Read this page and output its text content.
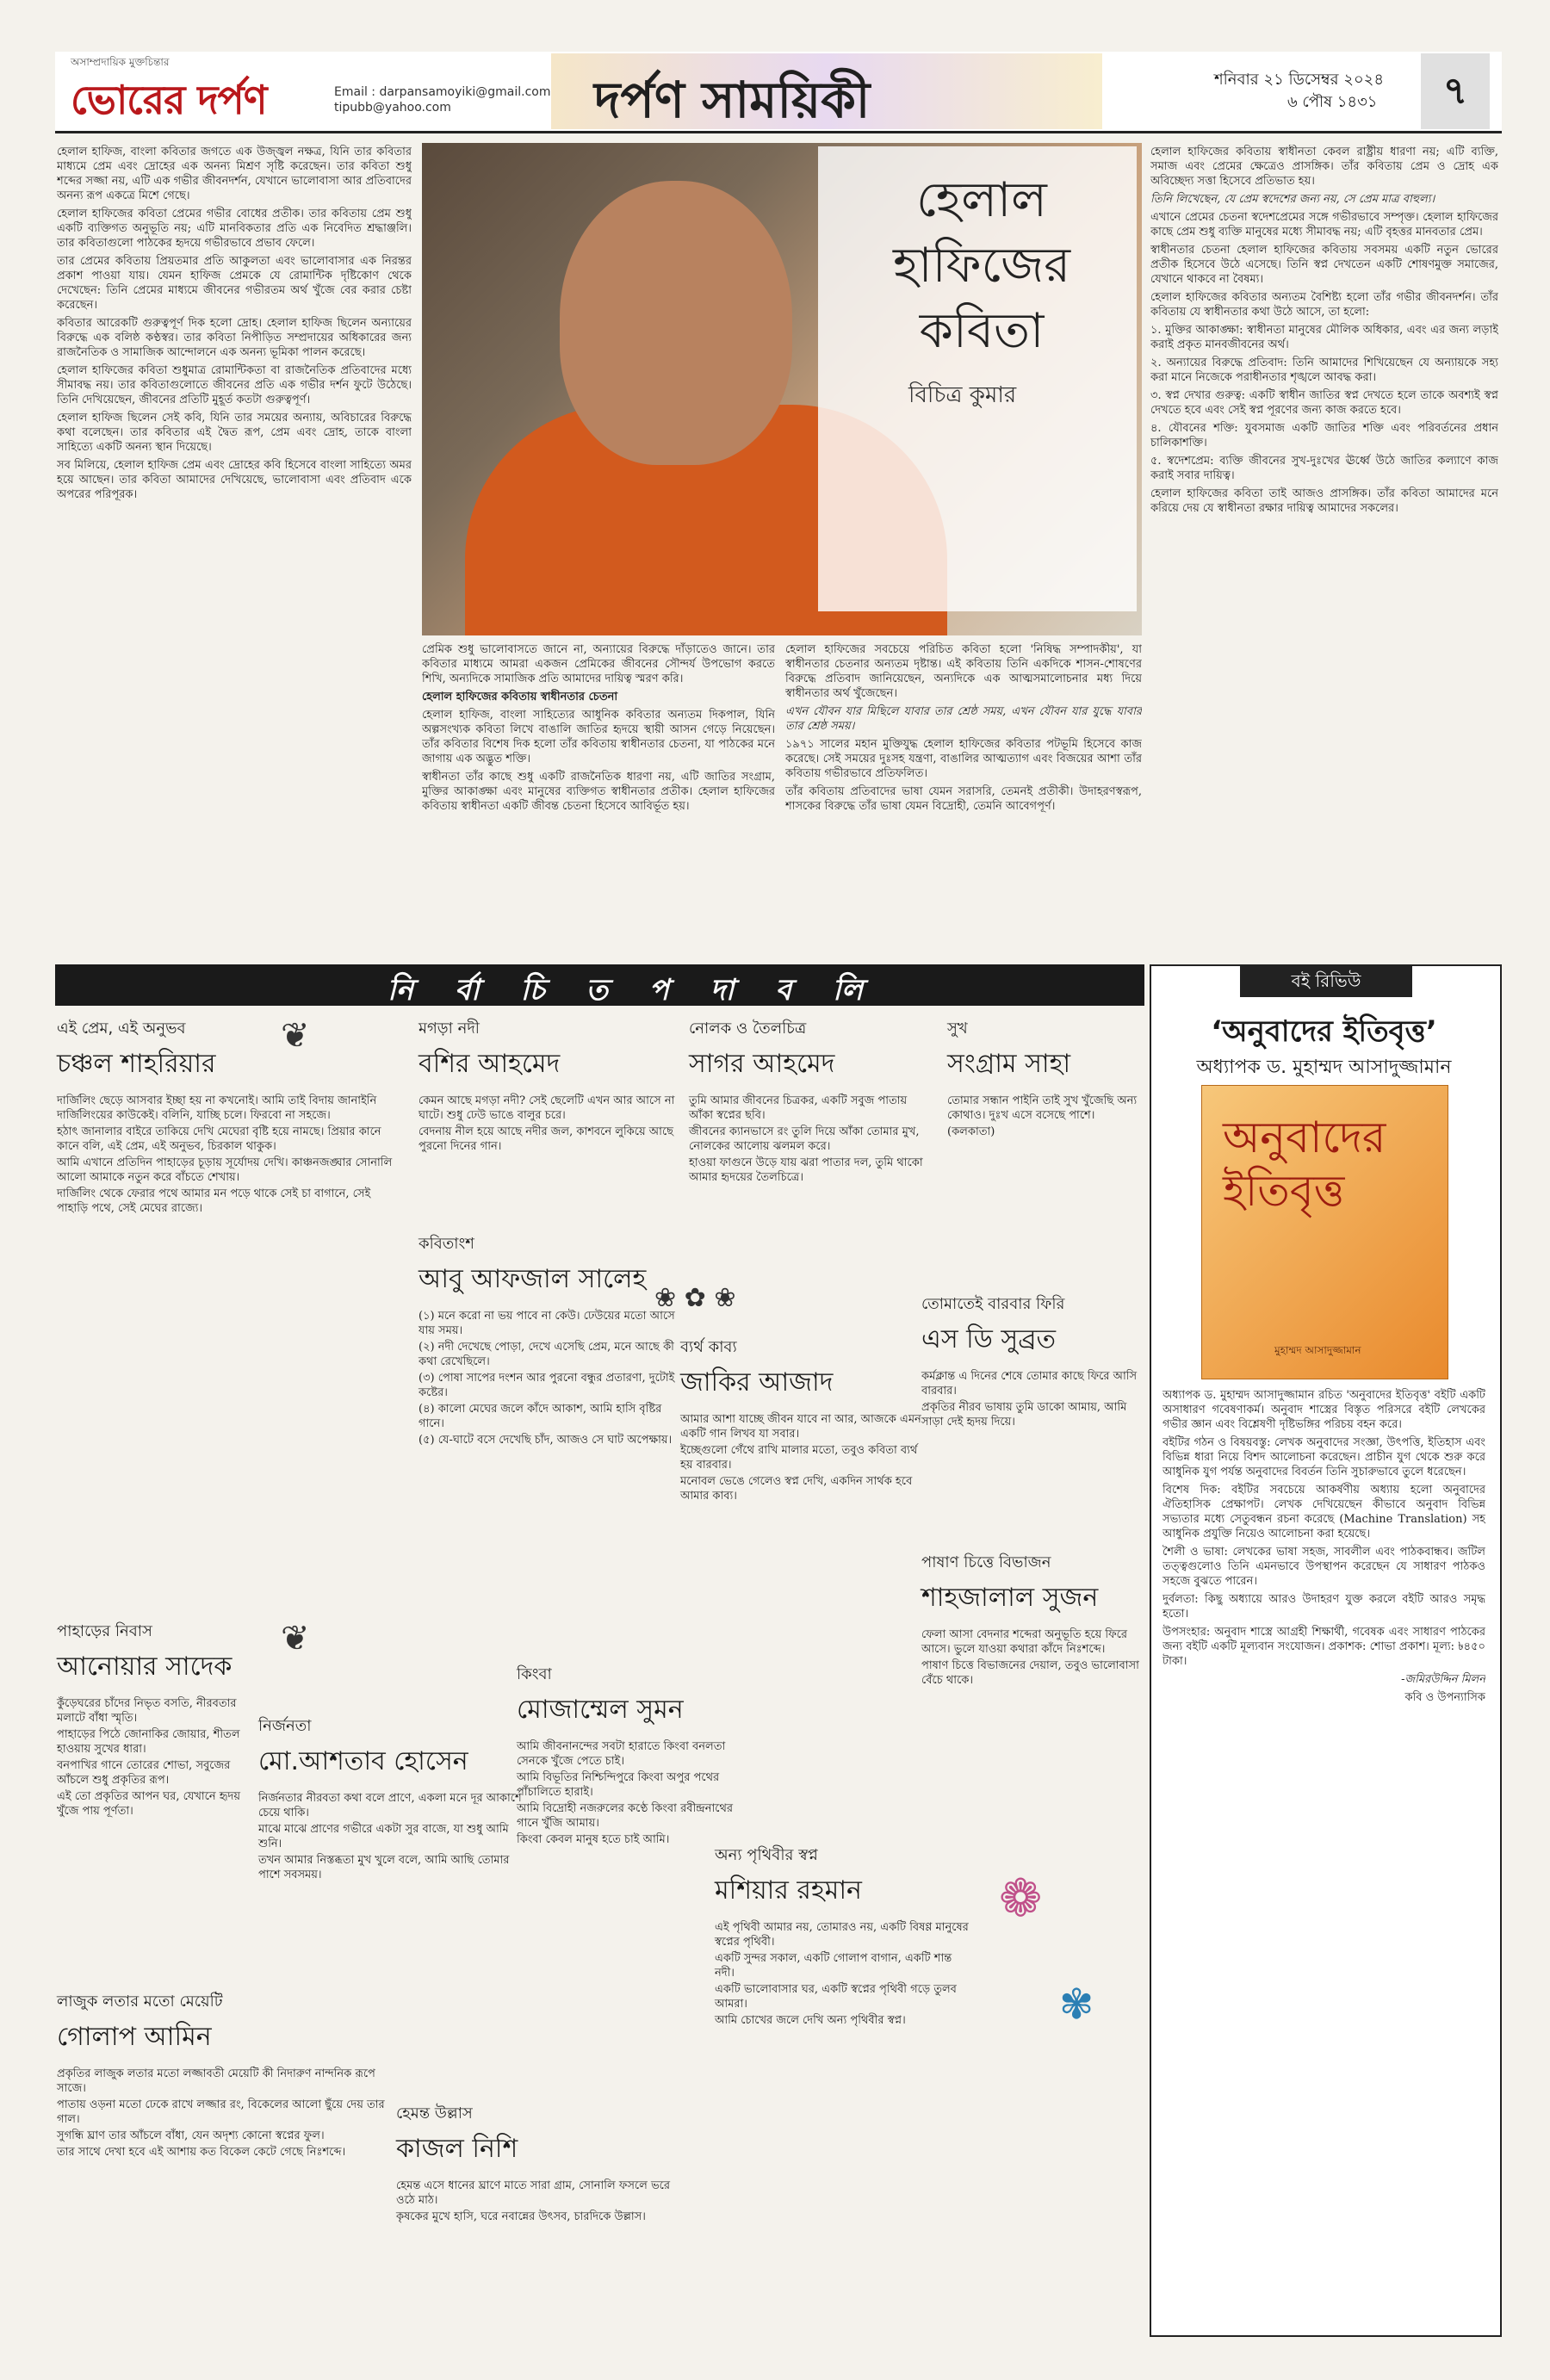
অসাম্প্রদায়িক মুক্তচিন্তার
ভোরের দর্পণ	Email : darpansamoyiki@gmail.com
tipubb@yahoo.com	দর্পণ সাময়িকী	শনিবার ২১ ডিসেম্বর ২০২৪
৬ পৌষ ১৪৩১	৭

হেলাল হাফিজ, বাংলা কবিতার জগতে এক উজ্জ্বল নক্ষত্র, যিনি তার কবিতার মাধ্যমে প্রেম এবং দ্রোহের এক অনন্য মিশ্রণ সৃষ্টি করেছেন। তার কবিতা শুধু শব্দের সজ্জা নয়, এটি এক গভীর জীবনদর্শন, যেখানে ভালোবাসা আর প্রতিবাদের অনন্য রূপ একত্রে মিশে গেছে।

হেলাল হাফিজের কবিতা প্রেমের গভীর বোধের প্রতীক। তার কবিতায় প্রেম শুধু একটি ব্যক্তিগত অনুভূতি নয়; এটি মানবিকতার প্রতি এক নিবেদিত শ্রদ্ধাঞ্জলি। তার কবিতাগুলো পাঠকের হৃদয়ে গভীরভাবে প্রভাব ফেলে।

তার প্রেমের কবিতায় প্রিয়তমার প্রতি আকুলতা এবং ভালোবাসার এক নিরন্তর প্রকাশ পাওয়া যায়। যেমন হাফিজ প্রেমকে যে রোমান্টিক দৃষ্টিকোণ থেকে দেখেছেন: তিনি প্রেমের মাধ্যমে জীবনের গভীরতম অর্থ খুঁজে বের করার চেষ্টা করেছেন।

কবিতার আরেকটি গুরুত্বপূর্ণ দিক হলো দ্রোহ। হেলাল হাফিজ ছিলেন অন্যায়ের বিরুদ্ধে এক বলিষ্ঠ কণ্ঠস্বর। তার কবিতা নিপীড়িত সম্প্রদায়ের অধিকারের জন্য রাজনৈতিক ও সামাজিক আন্দোলনে এক অনন্য ভূমিকা পালন করেছে।

হেলাল হাফিজের কবিতা শুধুমাত্র রোমান্টিকতা বা রাজনৈতিক প্রতিবাদের মধ্যে সীমাবদ্ধ নয়। তার কবিতাগুলোতে জীবনের প্রতি এক গভীর দর্শন ফুটে উঠেছে। তিনি দেখিয়েছেন, জীবনের প্রতিটি মুহূর্ত কতটা গুরুত্বপূর্ণ।

হেলাল হাফিজ ছিলেন সেই কবি, যিনি তার সময়ের অন্যায়, অবিচারের বিরুদ্ধে কথা বলেছেন। তার কবিতার এই দ্বৈত রূপ, প্রেম এবং দ্রোহ, তাকে বাংলা সাহিত্যে একটি অনন্য স্থান দিয়েছে।

সব মিলিয়ে, হেলাল হাফিজ প্রেম এবং দ্রোহের কবি হিসেবে বাংলা সাহিত্যে অমর হয়ে আছেন। তার কবিতা আমাদের দেখিয়েছে, ভালোবাসা এবং প্রতিবাদ একে অপরের পরিপূরক।

হেলাল
হাফিজের
কবিতা
বিচিত্র কুমার

প্রেমিক শুধু ভালোবাসতে জানে না, অন্যায়ের বিরুদ্ধে দাঁড়াতেও জানে। তার কবিতার মাধ্যমে আমরা একজন প্রেমিকের জীবনের সৌন্দর্য উপভোগ করতে শিখি, অন্যদিকে সামাজিক প্রতি আমাদের দায়িত্ব স্মরণ করি।

হেলাল হাফিজের কবিতায় স্বাধীনতার চেতনা

হেলাল হাফিজ, বাংলা সাহিত্যের আধুনিক কবিতার অন্যতম দিকপাল, যিনি অল্পসংখ্যক কবিতা লিখে বাঙালি জাতির হৃদয়ে স্থায়ী আসন গেড়ে নিয়েছেন। তাঁর কবিতার বিশেষ দিক হলো তাঁর কবিতায় স্বাধীনতার চেতনা, যা পাঠকের মনে জাগায় এক অদ্ভুত শক্তি।

স্বাধীনতা তাঁর কাছে শুধু একটি রাজনৈতিক ধারণা নয়, এটি জাতির সংগ্রাম, মুক্তির আকাঙ্ক্ষা এবং মানুষের ব্যক্তিগত স্বাধীনতার প্রতীক। হেলাল হাফিজের কবিতায় স্বাধীনতা একটি জীবন্ত চেতনা হিসেবে আবির্ভূত হয়।

হেলাল হাফিজের সবচেয়ে পরিচিত কবিতা হলো 'নিষিদ্ধ সম্পাদকীয়', যা স্বাধীনতার চেতনার অন্যতম দৃষ্টান্ত। এই কবিতায় তিনি একদিকে শাসন-শোষণের বিরুদ্ধে প্রতিবাদ জানিয়েছেন, অন্যদিকে এক আত্মসমালোচনার মধ্য দিয়ে স্বাধীনতার অর্থ খুঁজেছেন।

এখন যৌবন যার মিছিলে যাবার তার শ্রেষ্ঠ সময়, এখন যৌবন যার যুদ্ধে যাবার তার শ্রেষ্ঠ সময়।

১৯৭১ সালের মহান মুক্তিযুদ্ধ হেলাল হাফিজের কবিতার পটভূমি হিসেবে কাজ করেছে। সেই সময়ের দুঃসহ যন্ত্রণা, বাঙালির আত্মত্যাগ এবং বিজয়ের আশা তাঁর কবিতায় গভীরভাবে প্রতিফলিত।

তাঁর কবিতায় প্রতিবাদের ভাষা যেমন সরাসরি, তেমনই প্রতীকী। উদাহরণস্বরূপ, শাসকের বিরুদ্ধে তাঁর ভাষা যেমন বিদ্রোহী, তেমনি আবেগপূর্ণ।

হেলাল হাফিজের কবিতায় স্বাধীনতা কেবল রাষ্ট্রীয় ধারণা নয়; এটি ব্যক্তি, সমাজ এবং প্রেমের ক্ষেত্রেও প্রাসঙ্গিক। তাঁর কবিতায় প্রেম ও দ্রোহ এক অবিচ্ছেদ্য সত্তা হিসেবে প্রতিভাত হয়।

তিনি লিখেছেন, যে প্রেম স্বদেশের জন্য নয়, সে প্রেম মাত্র বাহুল্য।

এখানে প্রেমের চেতনা স্বদেশপ্রেমের সঙ্গে গভীরভাবে সম্পৃক্ত। হেলাল হাফিজের কাছে প্রেম শুধু ব্যক্তি মানুষের মধ্যে সীমাবদ্ধ নয়; এটি বৃহত্তর মানবতার প্রেম।

স্বাধীনতার চেতনা হেলাল হাফিজের কবিতায় সবসময় একটি নতুন ভোরের প্রতীক হিসেবে উঠে এসেছে। তিনি স্বপ্ন দেখতেন একটি শোষণমুক্ত সমাজের, যেখানে থাকবে না বৈষম্য।

হেলাল হাফিজের কবিতার অন্যতম বৈশিষ্ট্য হলো তাঁর গভীর জীবনদর্শন। তাঁর কবিতায় যে স্বাধীনতার কথা উঠে আসে, তা হলো:

১. মুক্তির আকাঙ্ক্ষা: স্বাধীনতা মানুষের মৌলিক অধিকার, এবং এর জন্য লড়াই করাই প্রকৃত মানবজীবনের অর্থ।

২. অন্যায়ের বিরুদ্ধে প্রতিবাদ: তিনি আমাদের শিখিয়েছেন যে অন্যায়কে সহ্য করা মানে নিজেকে পরাধীনতার শৃঙ্খলে আবদ্ধ করা।

৩. স্বপ্ন দেখার গুরুত্ব: একটি স্বাধীন জাতির স্বপ্ন দেখতে হলে তাকে অবশ্যই স্বপ্ন দেখতে হবে এবং সেই স্বপ্ন পূরণের জন্য কাজ করতে হবে।

৪. যৌবনের শক্তি: যুবসমাজ একটি জাতির শক্তি এবং পরিবর্তনের প্রধান চালিকাশক্তি।

৫. স্বদেশপ্রেম: ব্যক্তি জীবনের সুখ-দুঃখের ঊর্ধ্বে উঠে জাতির কল্যাণে কাজ করাই সবার দায়িত্ব।

হেলাল হাফিজের কবিতা তাই আজও প্রাসঙ্গিক। তাঁর কবিতা আমাদের মনে করিয়ে দেয় যে স্বাধীনতা রক্ষার দায়িত্ব আমাদের সকলের।

নি র্বা চি ত প দা ব লি
এই প্রেম, এই অনুভব
চঞ্চল শাহরিয়ার
❦

দার্জিলিং ছেড়ে আসবার ইচ্ছা হয় না কখনোই। আমি তাই বিদায় জানাইনি দার্জিলিংয়ের কাউকেই। বলিনি, যাচ্ছি চলে। ফিরবো না সহজে।

হঠাৎ জানালার বাইরে তাকিয়ে দেখি মেঘেরা বৃষ্টি হয়ে নামছে। প্রিয়ার কানে কানে বলি, এই প্রেম, এই অনুভব, চিরকাল থাকুক।

আমি এখানে প্রতিদিন পাহাড়ের চূড়ায় সূর্যোদয় দেখি। কাঞ্চনজঙ্ঘার সোনালি আলো আমাকে নতুন করে বাঁচতে শেখায়।

দার্জিলিং থেকে ফেরার পথে আমার মন পড়ে থাকে সেই চা বাগানে, সেই পাহাড়ি পথে, সেই মেঘের রাজ্যে।

পাহাড়ের নিবাস
আনোয়ার সাদেক
❦

কুঁড়েঘরের চাঁদের নিভৃত বসতি, নীরবতার মলাটে বাঁধা স্মৃতি।

পাহাড়ের পিঠে জোনাকির জোয়ার, শীতল হাওয়ায় সুখের ধারা।

বনপাখির গানে তোরের শোভা, সবুজের আঁচলে শুধু প্রকৃতির রূপ।

এই তো প্রকৃতির আপন ঘর, যেখানে হৃদয় খুঁজে পায় পূর্ণতা।

লাজুক লতার মতো মেয়েটি
গোলাপ আমিন

প্রকৃতির লাজুক লতার মতো লজ্জাবতী মেয়েটি কী নিদারুণ নান্দনিক রূপে সাজে।

পাতায় ওড়না মতো ঢেকে রাখে লজ্জার রং, বিকেলের আলো ছুঁয়ে দেয় তার গাল।

সুগন্ধি ঘ্রাণ তার আঁচলে বাঁধা, যেন অদৃশ্য কোনো স্বপ্নের ফুল।

তার সাথে দেখা হবে এই আশায় কত বিকেল কেটে গেছে নিঃশব্দে।

মগড়া নদী
বশির আহমেদ

কেমন আছে মগড়া নদী? সেই ছেলেটি এখন আর আসে না ঘাটে। শুধু ঢেউ ভাঙে বালুর চরে।

বেদনায় নীল হয়ে আছে নদীর জল, কাশবনে লুকিয়ে আছে পুরনো দিনের গান।

কবিতাংশ
আবু আফজাল সালেহ

(১) মনে করো না ভয় পাবে না কেউ। ঢেউয়ের মতো আসে যায় সময়।

(২) নদী দেখেছে পোড়া, দেখে এসেছি প্রেম, মনে আছে কী কথা রেখেছিলে।

(৩) পোষা সাপের দংশন আর পুরনো বন্ধুর প্রতারণা, দুটোই কষ্টের।

(৪) কালো মেঘের জলে কাঁদে আকাশ, আমি হাসি বৃষ্টির গানে।

(৫) যে-ঘাটে বসে দেখেছি চাঁদ, আজও সে ঘাট অপেক্ষায়।

নির্জনতা
মো.আশতাব হোসেন

নির্জনতার নীরবতা কথা বলে প্রাণে, একলা মনে দূর আকাশে চেয়ে থাকি।

মাঝে মাঝে প্রাণের গভীরে একটা সুর বাজে, যা শুধু আমি শুনি।

তখন আমার নিস্তব্ধতা মুখ খুলে বলে, আমি আছি তোমার পাশে সবসময়।

নোলক ও তৈলচিত্র
সাগর আহমেদ

তুমি আমার জীবনের চিত্রকর, একটি সবুজ পাতায় আঁকা স্বপ্নের ছবি।

জীবনের ক্যানভাসে রং তুলি দিয়ে আঁকা তোমার মুখ, নোলকের আলোয় ঝলমল করে।

হাওয়া ফাগুনে উড়ে যায় ঝরা পাতার দল, তুমি থাকো আমার হৃদয়ের তৈলচিত্রে।

❀ ✿ ❀
ব্যর্থ কাব্য
জাকির আজাদ

আমার আশা যাচ্ছে জীবন যাবে না আর, আজকে এমন একটি গান লিখব যা সবার।

ইচ্ছেগুলো গেঁথে রাখি মালার মতো, তবুও কবিতা ব্যর্থ হয় বারবার।

মনোবল ভেঙে গেলেও স্বপ্ন দেখি, একদিন সার্থক হবে আমার কাব্য।

কিংবা
মোজাম্মেল সুমন

আমি জীবনানন্দের সবটা হারাতে কিংবা বনলতা সেনকে খুঁজে পেতে চাই।

আমি বিভূতির নিশ্চিন্দিপুরে কিংবা অপুর পথের পাঁচালিতে হারাই।

আমি বিদ্রোহী নজরুলের কণ্ঠে কিংবা রবীন্দ্রনাথের গানে খুঁজি আমায়।

কিংবা কেবল মানুষ হতে চাই আমি।

হেমন্ত উল্লাস
কাজল নিশি

হেমন্ত এসে ধানের ঘ্রাণে মাতে সারা গ্রাম, সোনালি ফসলে ভরে ওঠে মাঠ।

কৃষকের মুখে হাসি, ঘরে নবান্নের উৎসব, চারদিকে উল্লাস।

সুখ
সংগ্রাম সাহা

তোমার সন্ধান পাইনি তাই সুখ খুঁজেছি অন্য কোথাও। দুঃখ এসে বসেছে পাশে।

(কলকাতা)

তোমাতেই বারবার ফিরি
এস ডি সুব্রত

কর্মক্লান্ত এ দিনের শেষে তোমার কাছে ফিরে আসি বারবার।

প্রকৃতির নীরব ভাষায় তুমি ডাকো আমায়, আমি সাড়া দেই হৃদয় দিয়ে।

পাষাণ চিত্তে বিভাজন
শাহজালাল সুজন

ফেলা আসা বেদনার শব্দেরা অনুভূতি হয়ে ফিরে আসে। ভুলে যাওয়া কথারা কাঁদে নিঃশব্দে।

পাষাণ চিত্তে বিভাজনের দেয়াল, তবুও ভালোবাসা বেঁচে থাকে।

অন্য পৃথিবীর স্বপ্ন
মশিয়ার রহমান

এই পৃথিবী আমার নয়, তোমারও নয়, একটি বিষণ্ণ মানুষের স্বপ্নের পৃথিবী।

একটি সুন্দর সকাল, একটি গোলাপ বাগান, একটি শান্ত নদী।

একটি ভালোবাসার ঘর, একটি স্বপ্নের পৃথিবী গড়ে তুলব আমরা।

আমি চোখের জলে দেখি অন্য পৃথিবীর স্বপ্ন।

❁
✾
বই রিভিউ
‘অনুবাদের ইতিবৃত্ত’
অধ্যাপক ড. মুহাম্মদ আসাদুজ্জামান
অনুবাদের ইতিবৃত্ত
মুহাম্মদ আসাদুজ্জামান

অধ্যাপক ড. মুহাম্মদ আসাদুজ্জামান রচিত 'অনুবাদের ইতিবৃত্ত' বইটি একটি অসাধারণ গবেষণাকর্ম। অনুবাদ শাস্ত্রের বিস্তৃত পরিসরে বইটি লেখকের গভীর জ্ঞান এবং বিশ্লেষণী দৃষ্টিভঙ্গির পরিচয় বহন করে।

বইটির গঠন ও বিষয়বস্তু: লেখক অনুবাদের সংজ্ঞা, উৎপত্তি, ইতিহাস এবং বিভিন্ন ধারা নিয়ে বিশদ আলোচনা করেছেন। প্রাচীন যুগ থেকে শুরু করে আধুনিক যুগ পর্যন্ত অনুবাদের বিবর্তন তিনি সুচারুভাবে তুলে ধরেছেন।

বিশেষ দিক: বইটির সবচেয়ে আকর্ষণীয় অধ্যায় হলো অনুবাদের ঐতিহাসিক প্রেক্ষাপট। লেখক দেখিয়েছেন কীভাবে অনুবাদ বিভিন্ন সভ্যতার মধ্যে সেতুবন্ধন রচনা করেছে (Machine Translation) সহ আধুনিক প্রযুক্তি নিয়েও আলোচনা করা হয়েছে।

শৈলী ও ভাষা: লেখকের ভাষা সহজ, সাবলীল এবং পাঠকবান্ধব। জটিল তত্ত্বগুলোও তিনি এমনভাবে উপস্থাপন করেছেন যে সাধারণ পাঠকও সহজে বুঝতে পারেন।

দুর্বলতা: কিছু অধ্যায়ে আরও উদাহরণ যুক্ত করলে বইটি আরও সমৃদ্ধ হতো।

উপসংহার: অনুবাদ শাস্ত্রে আগ্রহী শিক্ষার্থী, গবেষক এবং সাধারণ পাঠকের জন্য বইটি একটি মূল্যবান সংযোজন। প্রকাশক: শোভা প্রকাশ। মূল্য: ৳৪৫০ টাকা।

-জমিরউদ্দিন মিলন

কবি ও উপন্যাসিক
